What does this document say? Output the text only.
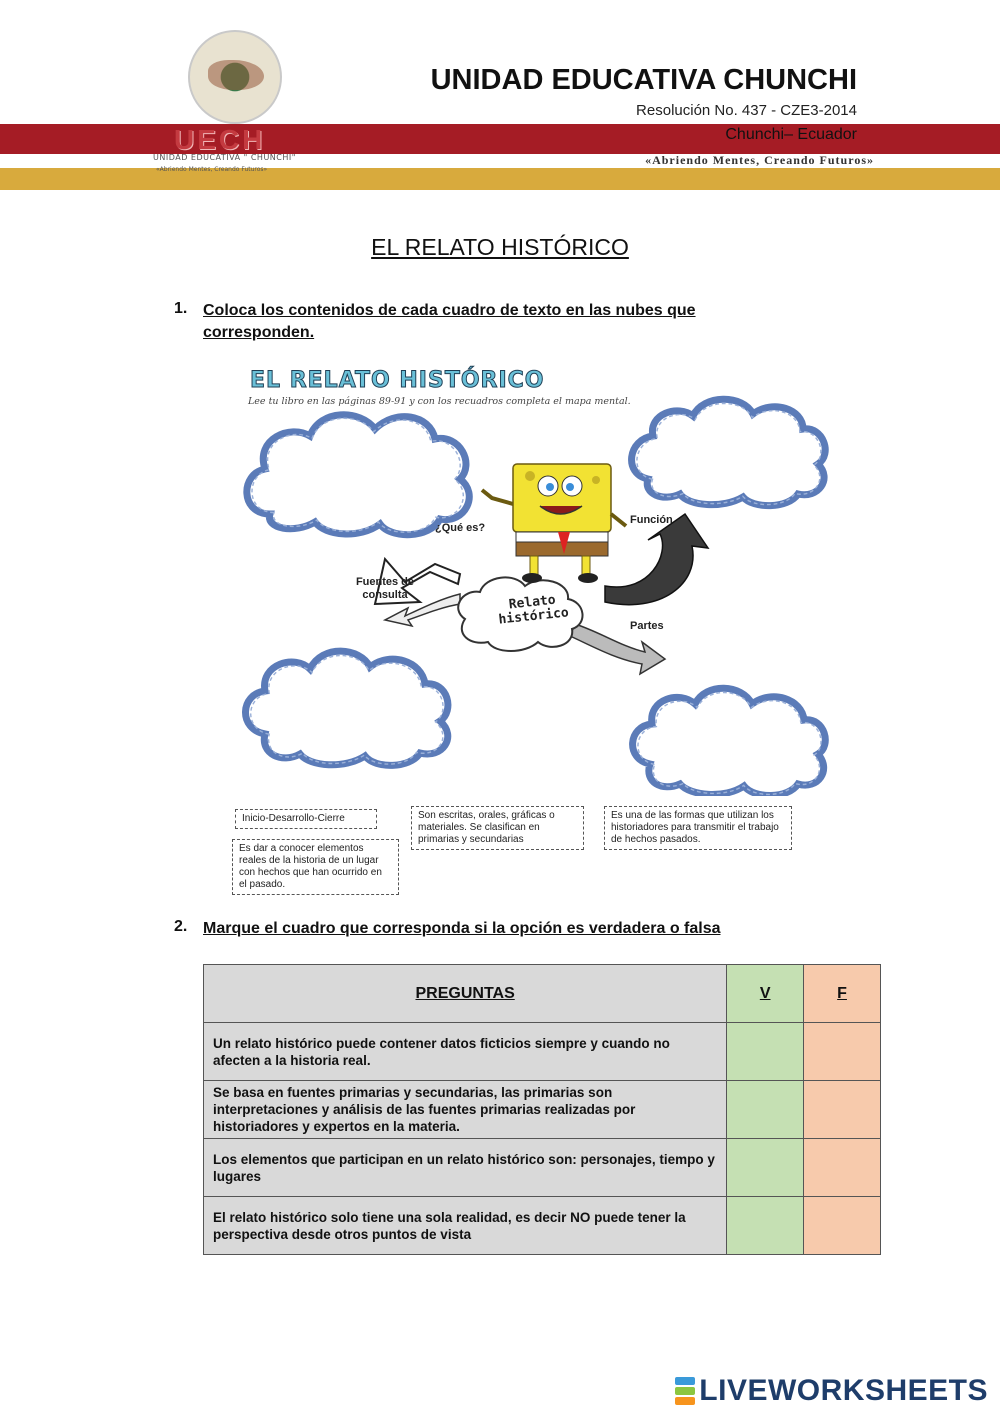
UECH
UNIDAD EDUCATIVA " CHUNCHI"
«Abriendo Mentes, Creando Futuros»
UNIDAD EDUCATIVA CHUNCHI
Resolución No. 437 - CZE3-2014
Chunchi– Ecuador
«Abriendo Mentes, Creando Futuros»
EL RELATO HISTÓRICO
1. Coloca los contenidos de cada cuadro de texto en las nubes que corresponden.
EL RELATO HISTÓRICO
Lee tu libro en las páginas 89-91 y con los recuadros completa el mapa mental.
¿Qué es?
Función
Fuentes de consulta
Partes
Relato histórico
Inicio-Desarrollo-Cierre	Son escritas, orales, gráficas o materiales. Se clasifican en primarias y secundarias
Es una de las formas que utilizan los historiadores para transmitir el trabajo de hechos pasados.
Es dar a conocer elementos reales de la historia de un lugar con hechos que han ocurrido en el pasado.
2. Marque el cuadro que corresponda si la opción es verdadera o falsa
PREGUNTAS	V	F
Un relato histórico puede contener datos ficticios siempre y cuando no afecten a la historia real.		
Se basa en fuentes primarias y secundarias, las primarias son interpretaciones y análisis de las fuentes primarias realizadas por historiadores y expertos en la materia.		
Los elementos que participan en un relato histórico son: personajes, tiempo y lugares		
El relato histórico solo tiene una sola realidad, es decir NO puede tener la perspectiva desde otros puntos de vista		
LIVEWORKSHEETS
